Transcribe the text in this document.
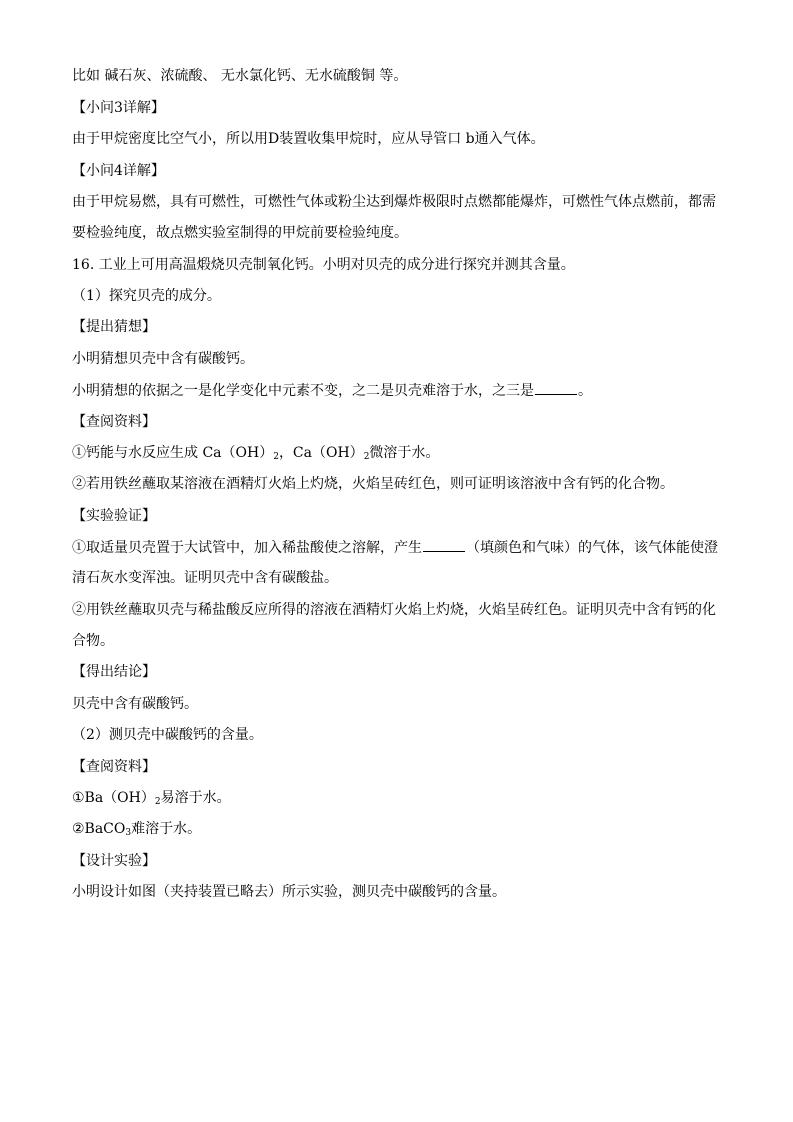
比如 碱石灰、浓硫酸、 无水氯化钙、无水硫酸铜 等。
【小问3详解】
由于甲烷密度比空气小，所以用D装置收集甲烷时，应从导管口 b通入气体。
【小问4详解】
由于甲烷易燃，具有可燃性，可燃性气体或粉尘达到爆炸极限时点燃都能爆炸，可燃性气体点燃前，都需
要检验纯度，故点燃实验室制得的甲烷前要检验纯度。
16. 工业上可用高温煅烧贝壳制氧化钙。小明对贝壳的成分进行探究并测其含量。
（1）探究贝壳的成分。
【提出猜想】
小明猜想贝壳中含有碳酸钙。
小明猜想的依据之一是化学变化中元素不变，之二是贝壳难溶于水，之三是	。
【查阅资料】
①钙能与水反应生成 $Ca(OH)_2$，$Ca(OH)_2$微溶于水。
②若用铁丝蘸取某溶液在酒精灯火焰上灼烧，火焰呈砖红色，则可证明该溶液中含有钙的化合物。
【实验验证】
①取适量贝壳置于大试管中，加入稀盐酸使之溶解，产生	（填颜色和气味）的气体，该气体能使澄
清石灰水变浑浊。证明贝壳中含有碳酸盐。
②用铁丝蘸取贝壳与稀盐酸反应所得的溶液在酒精灯火焰上灼烧，火焰呈砖红色。证明贝壳中含有钙的化
合物。
【得出结论】
贝壳中含有碳酸钙。
（2）测贝壳中碳酸钙的含量。
【查阅资料】
$①Ba(OH)_2$易溶于水。
②BaCO$_3$难溶于水。
【设计实验】
小明设计如图（夹持装置已略去）所示实验，测贝壳中碳酸钙的含量。
